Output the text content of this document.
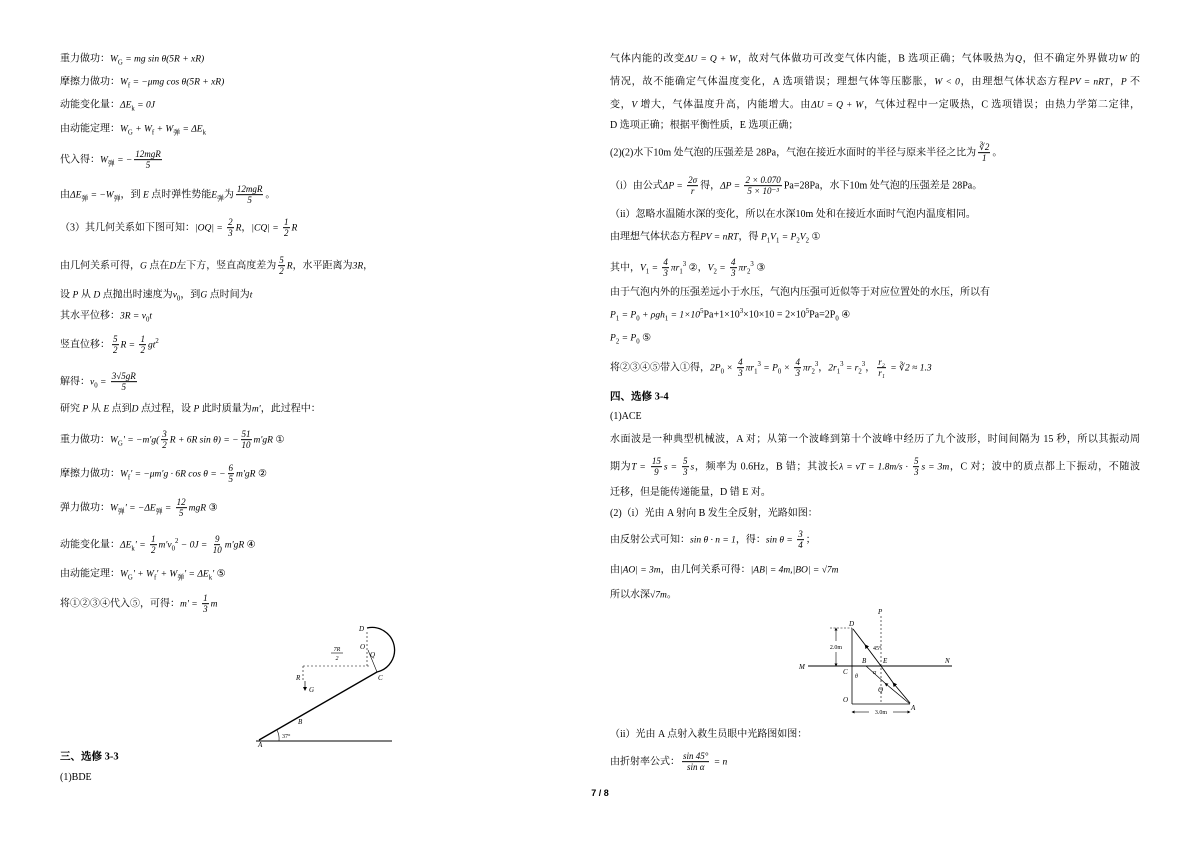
三、选修 3-3
(1)BDE
四、选修 3-4
(1)ACE
7 / 8
D
O
Q
C
7R
2
R
G
A
B
37°
P
D
2.0m	45°
E
M
C
B	N
θ
α
O
Q
A
3.0m
重力做功：$W_G$ = mg sin θ(5R + xR)
摩擦力做功：$W_f = -\mu mg$ cos θ(5R + xR)
动能变化量：$\Delta E_k = 0J$
由动能定理：$W_G + W_f + W_弹 = \Delta E_k$
代入得：$W_弹$ = − $\frac{\text{12mgR}}{5}$
由$\Delta E_弹 = -W_弹$，到 E 点时弹性势能$E_弹$为 $\frac{\text{12mgR}}{5}$ 。
（3）其几何关系如下图可知：$|OQ| = \frac{2}{3}$ R，$|CQ| = \frac{1}{2}$ R
由几何关系可得，G 点在D左下方，竖直高度差为 $\frac{5}{2}$ R，水平距离为3R，
设 P 从 D 点抛出时速度为$v_0$，到G 点时间为t
其水平位移：$3R = v_0t$
竖直位移： $\frac{5}{2}$ $R = \frac{1}{2} gt^2$
解得：$v_0 = \frac{3√5gR}{5}$
研究 P 从 E 点到D 点过程，设 P 此时质量为m'，此过程中：
重力做功：$W_G' = -m'g( \frac{3}{2}$ R + 6R sin θ) = − $\frac{51}{10} m'gR$ ①
摩擦力做功：$W_f' = -\mu m'g \cdot 6R$ cos θ = − $\frac{6}{5} m'gR$ ②
弹力做功：$W_弹' = -\Delta E_弹 = \frac{12}{5}$ mgR ③
动能变化量：$\Delta E_k' = \frac{1}{2} m'v_0^2 - 0J = \frac{9}{10} m'gR$ ④
由动能定理：$W_G' + W_f' + W_弹' = \Delta E_k'$ ⑤
将①②③④代入⑤，可得：$m' = \frac{1}{3}$ m
气体内能的改变ΔU = Q + W，故对气体做功可改变气体内能，B 选项正确；气体吸热为Q，但不确定外界做功W 的
情况，故不能确定气体温度变化，A 选项错误；理想气体等压膨胀，W < 0，由理想气体状态方程PV = nRT，P 不
变，V 增大，气体温度升高，内能增大。由ΔU = Q + W，气体过程中一定吸热，C 选项错误；由热力学第二定律，
D 选项正确；根据平衡性质，E 选项正确；
(2)(2)水下10m 处气泡的压强差是 28Pa，气泡在接近水面时的半径与原来半径之比为 $\frac{∛2}{1}$ 。
（i）由公式$\Delta P = \frac{2\sigma}{r}$ 得，$\Delta P = \frac{2 \times 0.070}{\text{5 × 10⁻³}} Pa=28Pa$，水下10m 处气泡的压强差是 28Pa。
（ii）忽略水温随水深的变化，所以在水深10m 处和在接近水面时气泡内温度相同。
由理想气体状态方程PV = nRT，得 $P_1V_1 = P_2V_2$ ①
其中，$V_1 = \frac{4}{3} \pi r_1^3$ ②，$V_2 = \frac{4}{3} \pi r_2^3$ ③
由于气泡内外的压强差远小于水压，气泡内压强可近似等于对应位置处的水压，所以有
$P_1 = P_0 + \rho gh_1 = 1\times 10^5Pa+1\times 10^3\times 10\times 10 = 2\times 10^5Pa=2P_0$ ④
$P_2 = P_0$ ⑤
将②③④⑤带入①得，$2P_0 \times \frac{4}{3} \pi r_1^3 = P_0 \times \frac{4}{3} \pi r_2^3$，$2r_1^3 = r_2^3$， $\frac{\text{r₂}}{\text{r₁}}$ = ∛2 ≈ 1.3
水面波是一种典型机械波，A 对；从第一个波峰到第十个波峰中经历了九个波形，时间间隔为 15 秒，所以其振动周
期为$T = \frac{15}{9}$ $s = \frac{5}{3}$ s，频率为 0.6Hz，B 错；其波长λ = vT = $1.8m/s \cdot \frac{5}{3}$ s = 3m，C 对；波中的质点都上下振动，不随波
迁移，但是能传递能量，D 错 E 对。
(2)（i）光由 A 射向 B 发生全反射，光路如图：
由反射公式可知：sin θ · n = 1，得：$\sin \theta = \frac{3}{4}$ ；
由|AO| = 3m，由几何关系可得：|AB| = 4m,|BO| = √7m
所以水深√7m。
（ii）光由 A 点射入救生员眼中光路图如图：
由折射率公式： $\frac{\sin 45^\circ}{\text{sin α}} = n$
